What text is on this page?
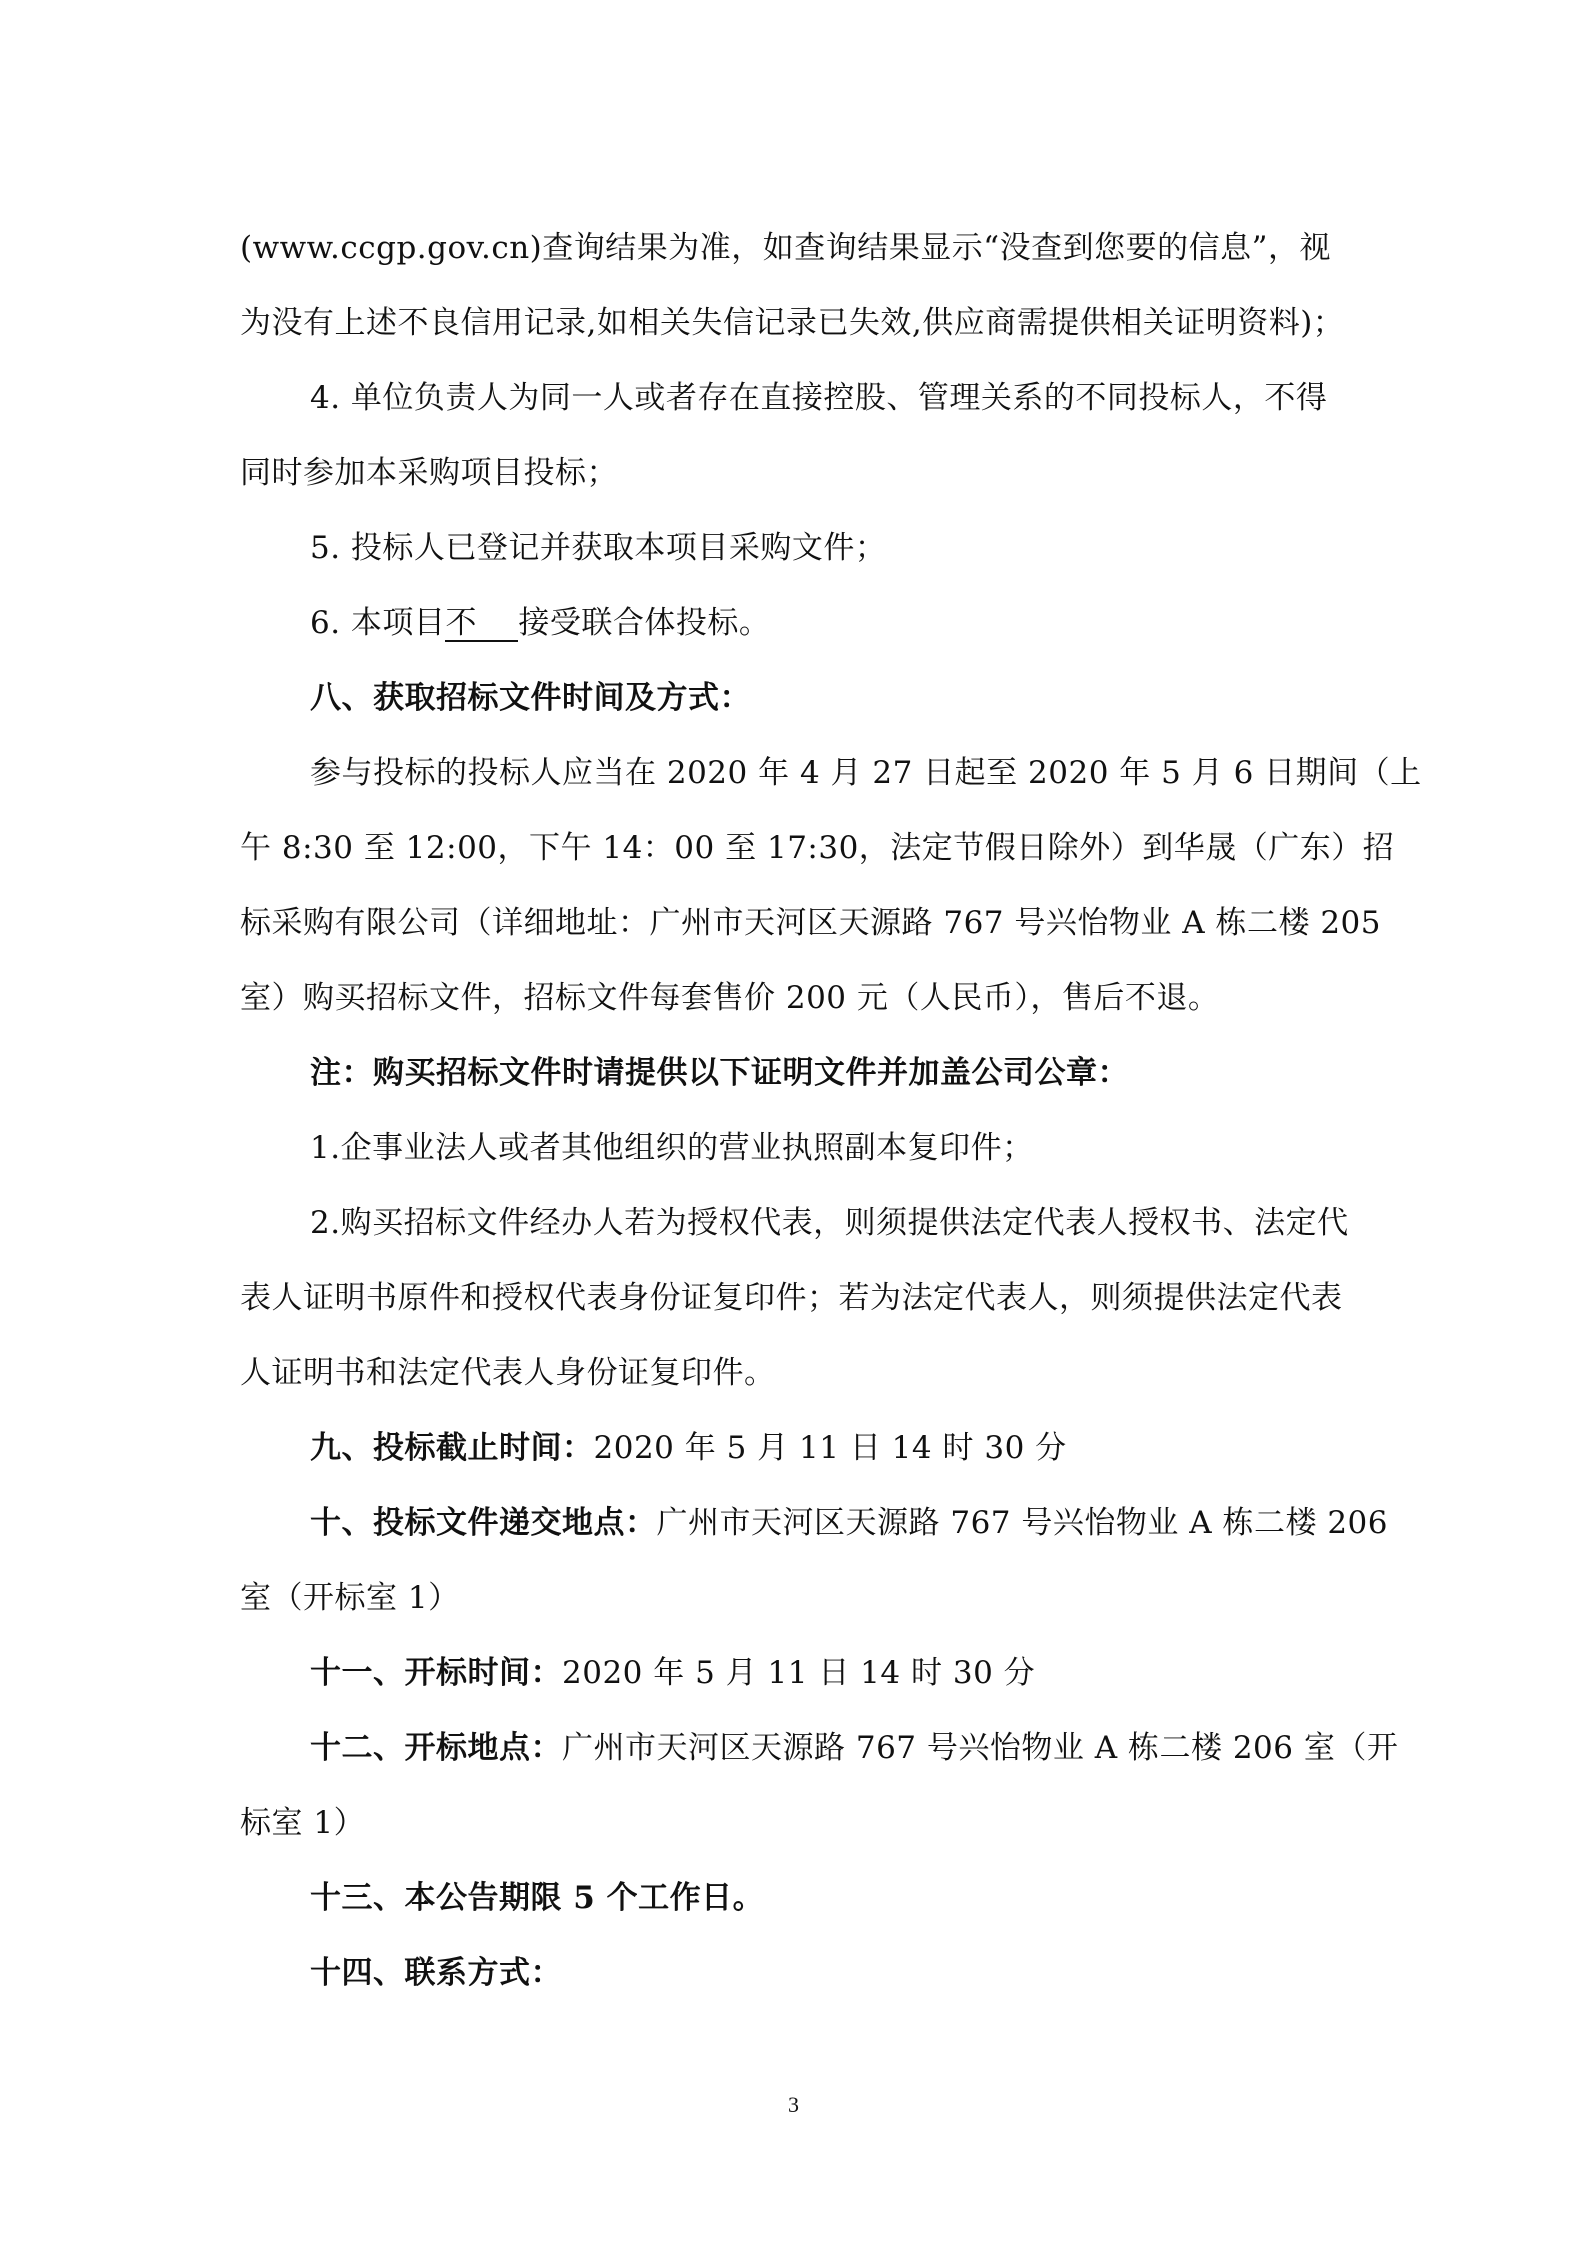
(www.ccgp.gov.cn)查询结果为准，如查询结果显示“没查到您要的信息”，视
为没有上述不良信用记录,如相关失信记录已失效,供应商需提供相关证明资料)；
4. 单位负责人为同一人或者存在直接控股、管理关系的不同投标人，不得
同时参加本采购项目投标；
5. 投标人已登记并获取本项目采购文件；
6. 本项目不    接受联合体投标。
八、获取招标文件时间及方式：
参与投标的投标人应当在 2020 年 4 月 27 日起至 2020 年 5 月 6 日期间（上
午 8:30 至 12:00，下午 14：00 至 17:30，法定节假日除外）到华晟（广东）招
标采购有限公司（详细地址：广州市天河区天源路 767 号兴怡物业 A 栋二楼 205
室）购买招标文件，招标文件每套售价 200 元（人民币），售后不退。
注：购买招标文件时请提供以下证明文件并加盖公司公章：
1.企事业法人或者其他组织的营业执照副本复印件；
2.购买招标文件经办人若为授权代表，则须提供法定代表人授权书、法定代
表人证明书原件和授权代表身份证复印件；若为法定代表人，则须提供法定代表
人证明书和法定代表人身份证复印件。
九、投标截止时间：2020 年 5 月 11 日 14 时 30 分
十、投标文件递交地点：广州市天河区天源路 767 号兴怡物业 A 栋二楼 206
室（开标室 1）
十一、开标时间：2020 年 5 月 11 日 14 时 30 分
十二、开标地点：广州市天河区天源路 767 号兴怡物业 A 栋二楼 206 室（开
标室 1）
十三、本公告期限 5 个工作日。
十四、联系方式：
3
